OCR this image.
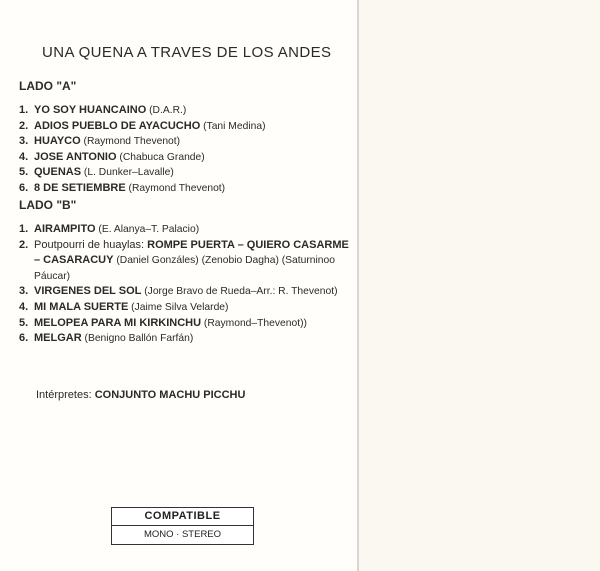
UNA QUENA A TRAVES DE LOS ANDES
LADO "A"
1. YO SOY HUANCAINO (D.A.R.)
2. ADIOS PUEBLO DE AYACUCHO (Tani Medina)
3. HUAYCO (Raymond Thevenot)
4. JOSE ANTONIO (Chabuca Grande)
5. QUENAS (L. Dunker–Lavalle)
6. 8 DE SETIEMBRE (Raymond Thevenot)
LADO "B"
1. AIRAMPITO (E. Alanya–T. Palacio)
2. Poutpourri de huaylas: ROMPE PUERTA – QUIERO CASARME – CASARACUY (Daniel Gonzáles) (Zenobio Dagha) (Saturninoo Páucar)
3. VIRGENES DEL SOL (Jorge Bravo de Rueda–Arr.: R. Thevenot)
4. MI MALA SUERTE (Jaime Silva Velarde)
5. MELOPEA PARA MI KIRKINCHU (Raymond–Thevenot))
6. MELGAR (Benigno Ballón Farfán)
Intérpretes: CONJUNTO MACHU PICCHU
COMPATIBLE
MONO · STEREO
